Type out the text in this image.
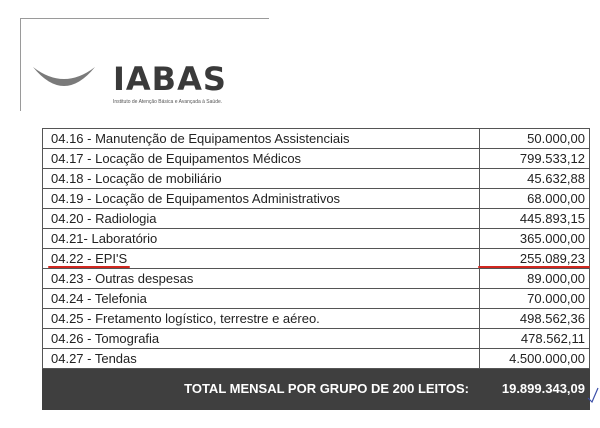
IABAS
Instituto de Atenção Básica e Avançada à Saúde.
04.16 - Manutenção de Equipamentos Assistenciais	50.000,00
04.17 - Locação de Equipamentos Médicos	799.533,12
04.18 - Locação de mobiliário	45.632,88
04.19 - Locação de Equipamentos Administrativos	68.000,00
04.20 - Radiologia	445.893,15
04.21- Laboratório	365.000,00
04.22 - EPI'S	255.089,23
04.23 - Outras despesas	89.000,00
04.24 - Telefonia	70.000,00
04.25 - Fretamento logístico, terrestre e aéreo.	498.562,36
04.26 - Tomografia	478.562,11
04.27 - Tendas	4.500.000,00
TOTAL MENSAL POR GRUPO DE 200 LEITOS:	19.899.343,09
